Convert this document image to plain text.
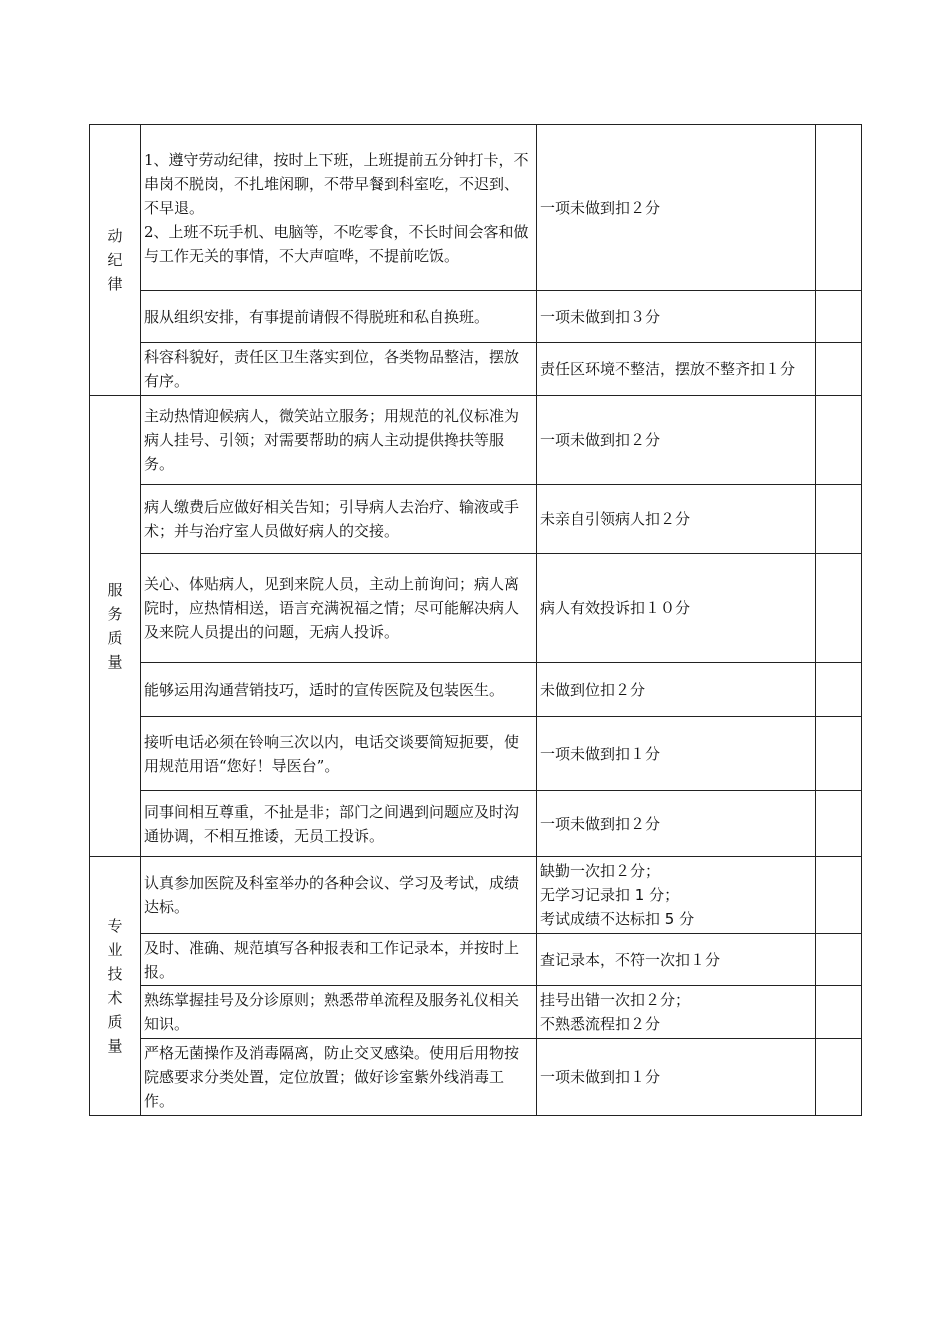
动纪律	1、遵守劳动纪律，按时上下班，上班提前五分钟打卡，不串岗不脱岗，不扎堆闲聊，不带早餐到科室吃，不迟到、不早退。
2、上班不玩手机、电脑等，不吃零食，不长时间会客和做与工作无关的事情，不大声喧哗，不提前吃饭。	一项未做到扣２分	

	服从组织安排，有事提前请假不得脱班和私自换班。	一项未做到扣３分	

	科容科貌好，责任区卫生落实到位，各类物品整洁，摆放有序。	责任区环境不整洁，摆放不整齐扣１分	

服务质量	主动热情迎候病人，微笑站立服务；用规范的礼仪标准为病人挂号、引领；对需要帮助的病人主动提供搀扶等服务。	一项未做到扣２分	

	病人缴费后应做好相关告知；引导病人去治疗、输液或手术；并与治疗室人员做好病人的交接。	未亲自引领病人扣２分	

	关心、体贴病人，见到来院人员，主动上前询问；病人离院时，应热情相送，语言充满祝福之情；尽可能解决病人及来院人员提出的问题，无病人投诉。	病人有效投诉扣１０分	

	能够运用沟通营销技巧，适时的宣传医院及包装医生。	未做到位扣２分	

	接听电话必须在铃响三次以内，电话交谈要简短扼要，使用规范用语“您好！导医台”。	一项未做到扣１分	

	同事间相互尊重，不扯是非；部门之间遇到问题应及时沟通协调，不相互推诿，无员工投诉。	一项未做到扣２分	

专业技术质量	认真参加医院及科室举办的各种会议、学习及考试，成绩达标。	缺勤一次扣２分；
无学习记录扣 1 分；
考试成绩不达标扣 5 分	

	及时、准确、规范填写各种报表和工作记录本，并按时上报。	查记录本，不符一次扣１分	

	熟练掌握挂号及分诊原则；熟悉带单流程及服务礼仪相关知识。	挂号出错一次扣２分；
不熟悉流程扣２分	

	严格无菌操作及消毒隔离，防止交叉感染。使用后用物按院感要求分类处置，定位放置；做好诊室紫外线消毒工作。	一项未做到扣１分	
